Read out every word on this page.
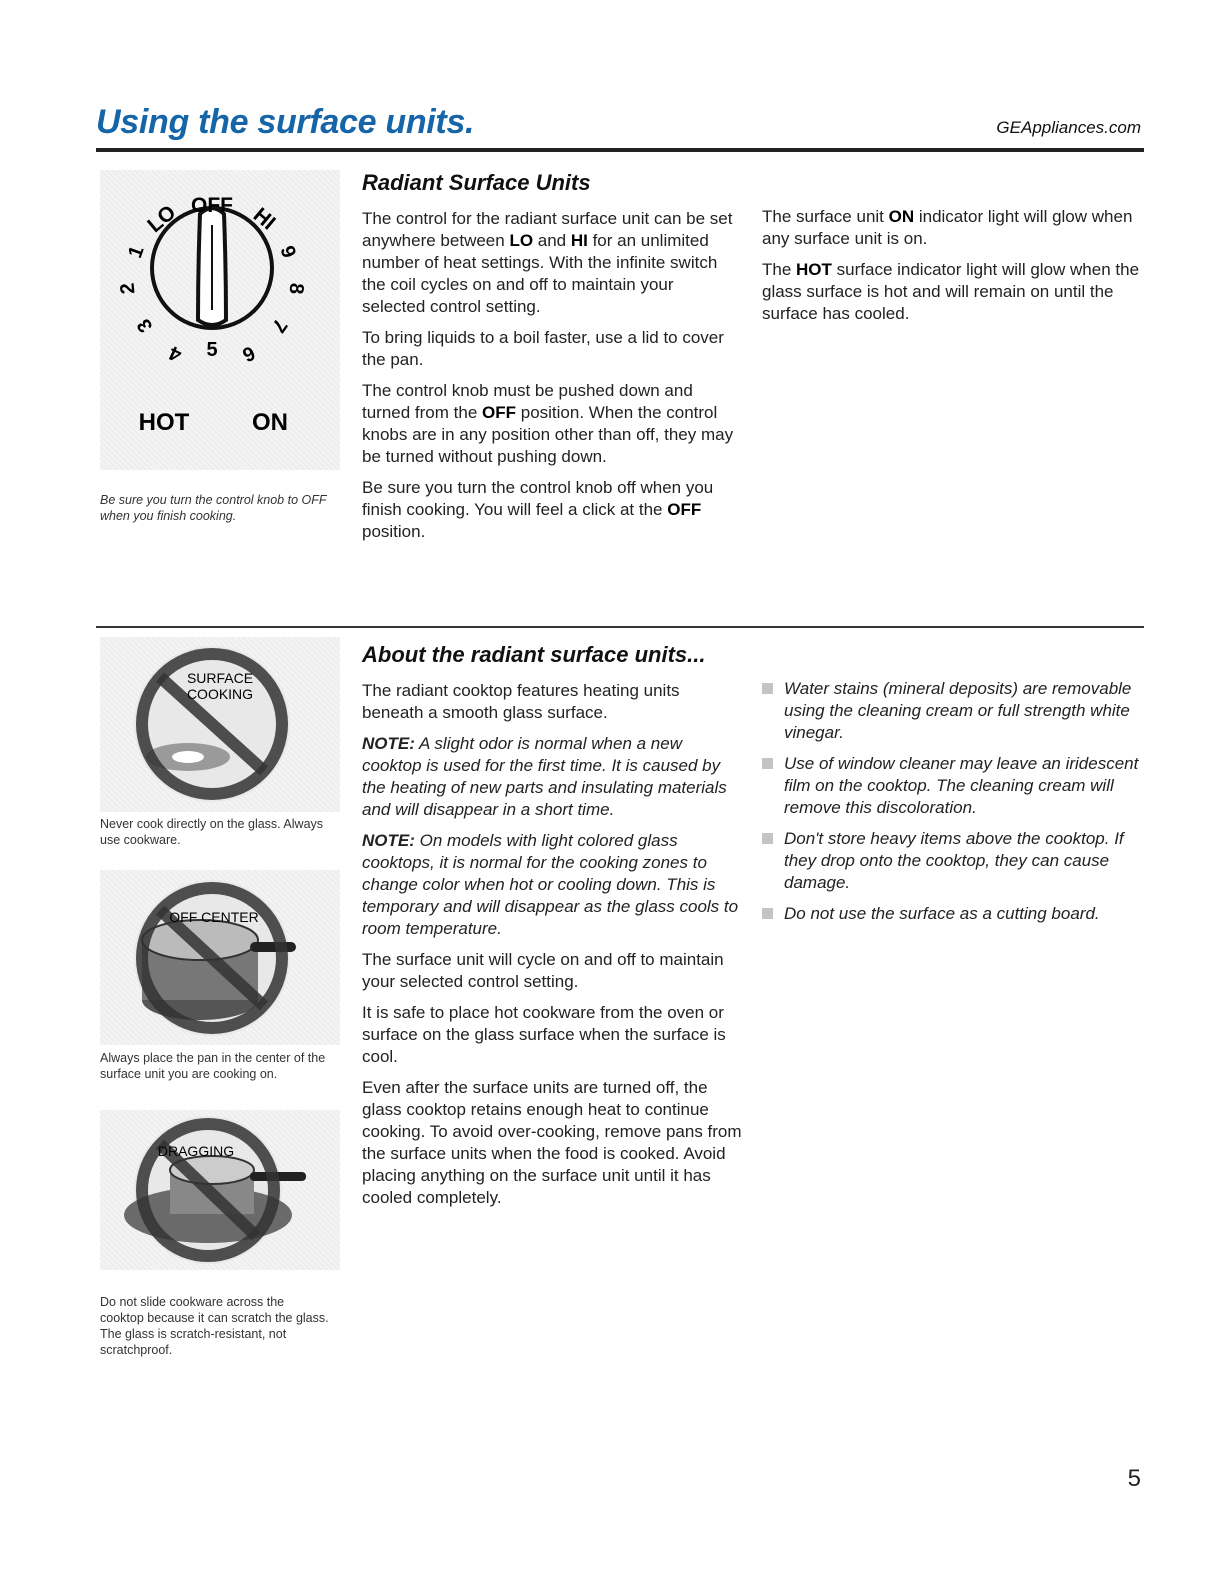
Using the surface units.	GEAppliances.com
OFF
LO	HI
1
2
3
4 5 6
7
8
9
HOT	ON
Be sure you turn the control knob to OFF when you finish cooking.
Radiant Surface Units

The control for the radiant surface unit can be set anywhere between LO and HI for an unlimited number of heat settings. With the infinite switch the coil cycles on and off to maintain your selected control setting.

To bring liquids to a boil faster, use a lid to cover the pan.

The control knob must be pushed down and turned from the OFF position. When the control knobs are in any position other than off, they may be turned without pushing down.

Be sure you turn the control knob off when you finish cooking. You will feel a click at the OFF position.

The surface unit ON indicator light will glow when any surface unit is on.

The HOT surface indicator light will glow when the glass surface is hot and will remain on until the surface has cooled.

SURFACE
COOKING
Never cook directly on the glass. Always use cookware.
OFF CENTER
Always place the pan in the center of the surface unit you are cooking on.
DRAGGING
Do not slide cookware across the cooktop because it can scratch the glass. The glass is scratch-resistant, not scratchproof.
About the radiant surface units...

The radiant cooktop features heating units beneath a smooth glass surface.

NOTE: A slight odor is normal when a new cooktop is used for the first time. It is caused by the heating of new parts and insulating materials and will disappear in a short time.

NOTE: On models with light colored glass cooktops, it is normal for the cooking zones to change color when hot or cooling down. This is temporary and will disappear as the glass cools to room temperature.

The surface unit will cycle on and off to maintain your selected control setting.

It is safe to place hot cookware from the oven or surface on the glass surface when the surface is cool.

Even after the surface units are turned off, the glass cooktop retains enough heat to continue cooking. To avoid over-cooking, remove pans from the surface units when the food is cooked. Avoid placing anything on the surface unit until it has cooled completely.

Water stains (mineral deposits) are removable using the cleaning cream or full strength white vinegar.
Use of window cleaner may leave an iridescent film on the cooktop. The cleaning cream will remove this discoloration.
Don't store heavy items above the cooktop. If they drop onto the cooktop, they can cause damage.
Do not use the surface as a cutting board.
5
